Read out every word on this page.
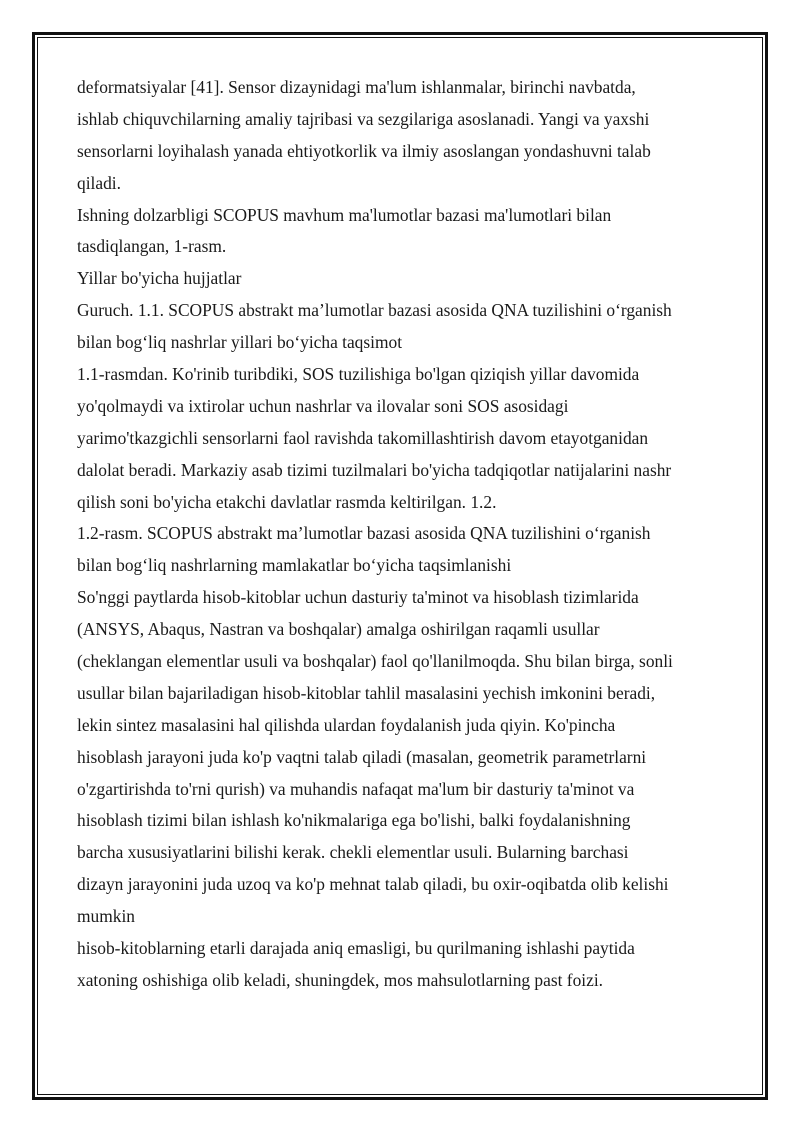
deformatsiyalar [41]. Sensor dizaynidagi ma'lum ishlanmalar, birinchi navbatda,
ishlab chiquvchilarning amaliy tajribasi va sezgilariga asoslanadi. Yangi va yaxshi
sensorlarni loyihalash yanada ehtiyotkorlik va ilmiy asoslangan yondashuvni talab
qiladi.
Ishning dolzarbligi SCOPUS mavhum ma'lumotlar bazasi ma'lumotlari bilan
tasdiqlangan, 1-rasm.
Yillar bo'yicha hujjatlar
Guruch. 1.1. SCOPUS abstrakt ma’lumotlar bazasi asosida QNA tuzilishini o‘rganish
bilan bog‘liq nashrlar yillari bo‘yicha taqsimot
1.1-rasmdan. Ko'rinib turibdiki, SOS tuzilishiga bo'lgan qiziqish yillar davomida
yo'qolmaydi va ixtirolar uchun nashrlar va ilovalar soni SOS asosidagi
yarimo'tkazgichli sensorlarni faol ravishda takomillashtirish davom etayotganidan
dalolat beradi. Markaziy asab tizimi tuzilmalari bo'yicha tadqiqotlar natijalarini nashr
qilish soni bo'yicha etakchi davlatlar rasmda keltirilgan. 1.2.
1.2-rasm. SCOPUS abstrakt ma’lumotlar bazasi asosida QNA tuzilishini o‘rganish
bilan bog‘liq nashrlarning mamlakatlar bo‘yicha taqsimlanishi
So'nggi paytlarda hisob-kitoblar uchun dasturiy ta'minot va hisoblash tizimlarida
(ANSYS, Abaqus, Nastran va boshqalar) amalga oshirilgan raqamli usullar
(cheklangan elementlar usuli va boshqalar) faol qo'llanilmoqda. Shu bilan birga, sonli
usullar bilan bajariladigan hisob-kitoblar tahlil masalasini yechish imkonini beradi,
lekin sintez masalasini hal qilishda ulardan foydalanish juda qiyin. Ko'pincha
hisoblash jarayoni juda ko'p vaqtni talab qiladi (masalan, geometrik parametrlarni
o'zgartirishda to'rni qurish) va muhandis nafaqat ma'lum bir dasturiy ta'minot va
hisoblash tizimi bilan ishlash ko'nikmalariga ega bo'lishi, balki foydalanishning
barcha xususiyatlarini bilishi kerak. chekli elementlar usuli. Bularning barchasi
dizayn jarayonini juda uzoq va ko'p mehnat talab qiladi, bu oxir-oqibatda olib kelishi
mumkin
hisob-kitoblarning etarli darajada aniq emasligi, bu qurilmaning ishlashi paytida
xatoning oshishiga olib keladi, shuningdek, mos mahsulotlarning past foizi.
